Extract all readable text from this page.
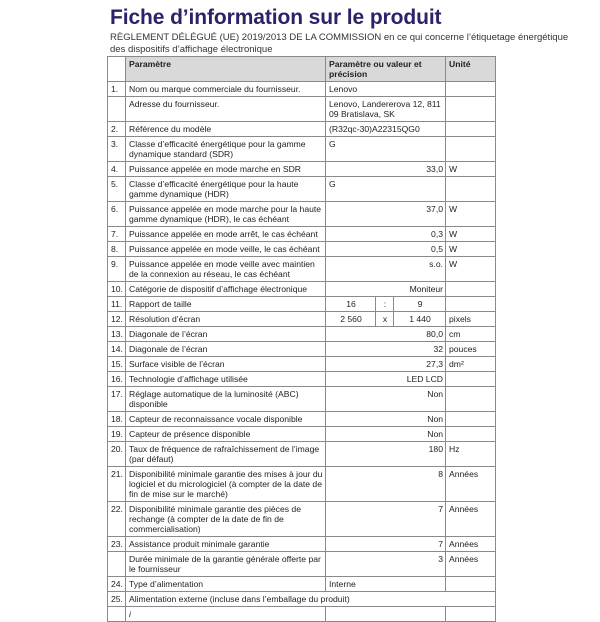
Fiche d’information sur le produit
RÈGLEMENT DÉLÉGUÉ (UE) 2019/2013 DE LA COMMISSION en ce qui concerne l’étiquetage énergétique des dispositifs d’affichage électronique
	Paramètre	Paramètre ou valeur et précision			Unité
1.	Nom ou marque commerciale du fournisseur.	Lenovo			
	Adresse du fournisseur.	Lenovo, Landererova 12, 811 09 Bratislava, SK			
2.	Référence du modèle	(R32qc-30)A22315QG0			
3.	Classe d’efficacité énergétique pour la gamme dynamique standard (SDR)	G			
4.	Puissance appelée en mode marche en SDR	33,0			W
5.	Classe d’efficacité énergétique pour la haute gamme dynamique (HDR)	G			
6.	Puissance appelée en mode marche pour la haute gamme dynamique (HDR), le cas échéant	37,0			W
7.	Puissance appelée en mode arrêt, le cas échéant	0,3			W
8.	Puissance appelée en mode veille, le cas échéant	0,5			W
9.	Puissance appelée en mode veille avec maintien de la connexion au réseau, le cas échéant	s.o.			W
10.	Catégorie de dispositif d’affichage électronique	Moniteur			
11.	Rapport de taille	16	:	9	
12.	Résolution d’écran	2 560	x	1 440	pixels
13.	Diagonale de l’écran	80,0			cm
14.	Diagonale de l’écran	32			pouces
15.	Surface visible de l’écran	27,3			dm²
16.	Technologie d’affichage utilisée	LED LCD			
17.	Réglage automatique de la luminosité (ABC) disponible	Non			
18.	Capteur de reconnaissance vocale disponible	Non			
19.	Capteur de présence disponible	Non			
20.	Taux de fréquence de rafraîchissement de l’image (par défaut)	180			Hz
21.	Disponibilité minimale garantie des mises à jour du logiciel et du micrologiciel (à compter de la date de fin de mise sur le marché)	8			Années
22.	Disponibilité minimale garantie des pièces de rechange (à compter de la date de fin de commercialisation)	7			Années
23.	Assistance produit minimale garantie	7			Années
	Durée minimale de la garantie générale offerte par le fournisseur	3			Années
24.	Type d’alimentation	Interne			
25.	Alimentation externe (incluse dans l’emballage du produit)				
	i				
